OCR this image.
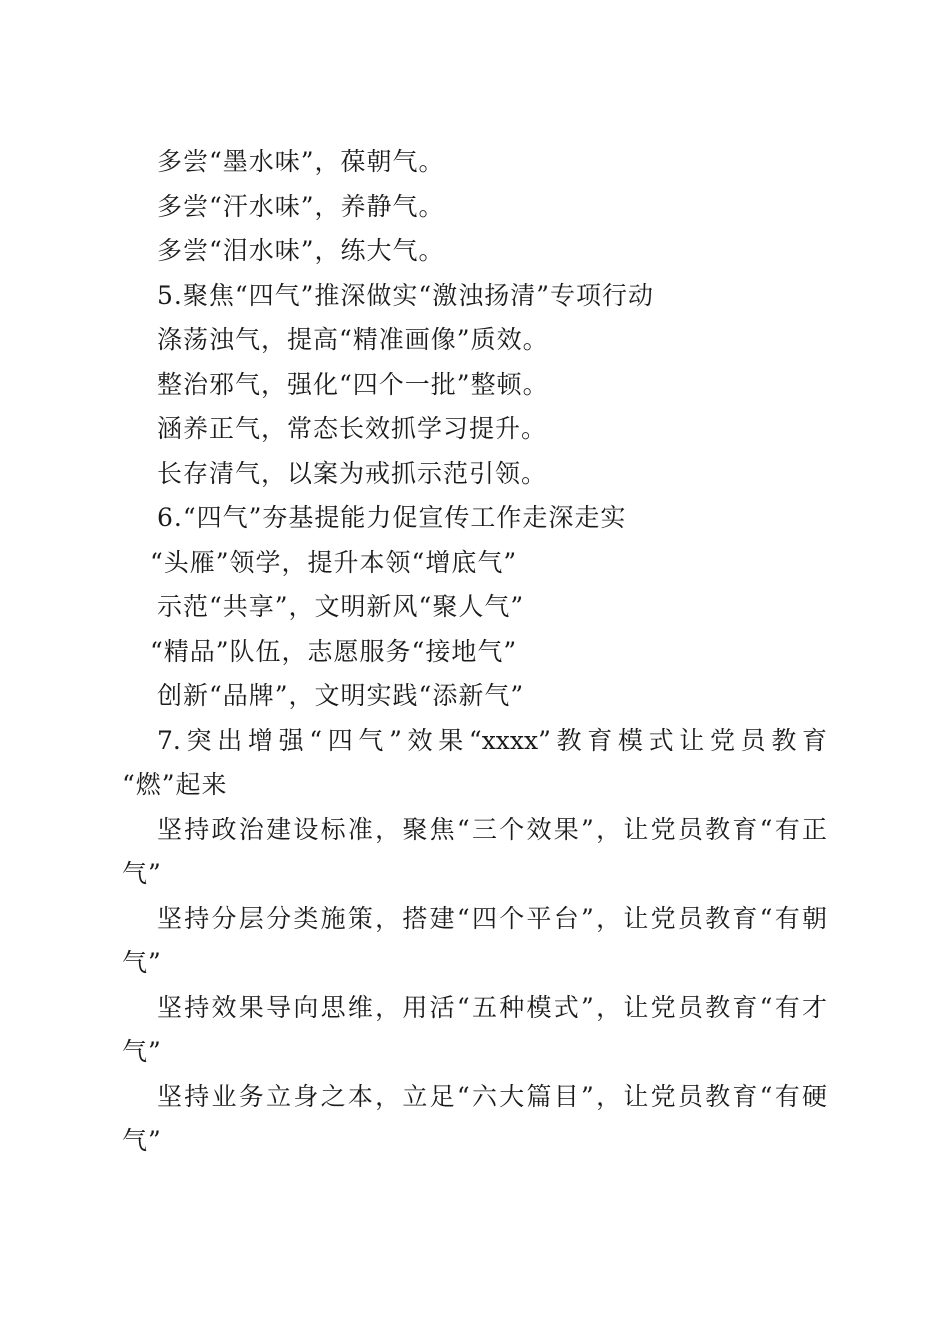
多尝“墨水味”，葆朝气。
多尝“汗水味”，养静气。
多尝“泪水味”，练大气。
5.聚焦“四气”推深做实“激浊扬清”专项行动
涤荡浊气，提高“精准画像”质效。
整治邪气，强化“四个一批”整顿。
涵养正气，常态长效抓学习提升。
长存清气，以案为戒抓示范引领。
6.“四气”夯基提能力促宣传工作走深走实
“头雁”领学，提升本领“增底气”
示范“共享”，文明新风“聚人气”
“精品”队伍，志愿服务“接地气”
创新“品牌”，文明实践“添新气”
7.突出增强“四气”效果“xxxx”教育模式让党员教育
“燃”起来
坚持政治建设标准，聚焦“三个效果”，让党员教育“有正
气”
坚持分层分类施策，搭建“四个平台”，让党员教育“有朝
气”
坚持效果导向思维，用活“五种模式”，让党员教育“有才
气”
坚持业务立身之本，立足“六大篇目”，让党员教育“有硬
气”
